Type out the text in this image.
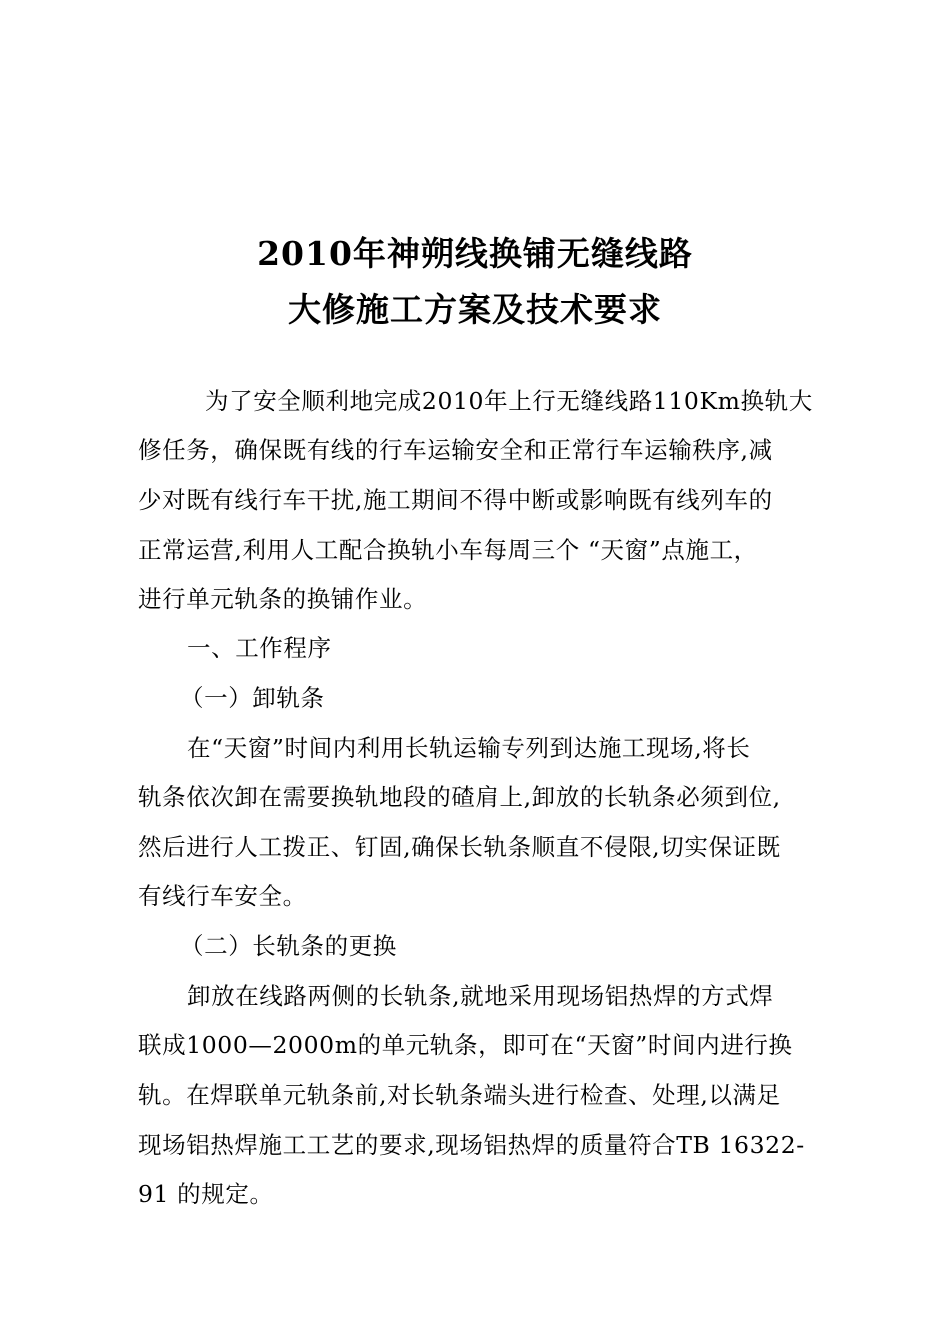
2010年神朔线换铺无缝线路
大修施工方案及技术要求
为了安全顺利地完成2010年上行无缝线路110Km换轨大
修任务，确保既有线的行车运输安全和正常行车运输秩序,减
少对既有线行车干扰,施工期间不得中断或影响既有线列车的
正常运营,利用人工配合换轨小车每周三个 “天窗”点施工，
进行单元轨条的换铺作业。
一、工作程序
（一）卸轨条
在“天窗”时间内利用长轨运输专列到达施工现场,将长
轨条依次卸在需要换轨地段的碴肩上,卸放的长轨条必须到位,
然后进行人工拨正、钉固,确保长轨条顺直不侵限,切实保证既
有线行车安全。
（二）长轨条的更换
卸放在线路两侧的长轨条,就地采用现场铝热焊的方式焊
联成1000—2000m的单元轨条，即可在“天窗”时间内进行换
轨。在焊联单元轨条前,对长轨条端头进行检查、处理,以满足
现场铝热焊施工工艺的要求,现场铝热焊的质量符合TB 16322-
91 的规定。
